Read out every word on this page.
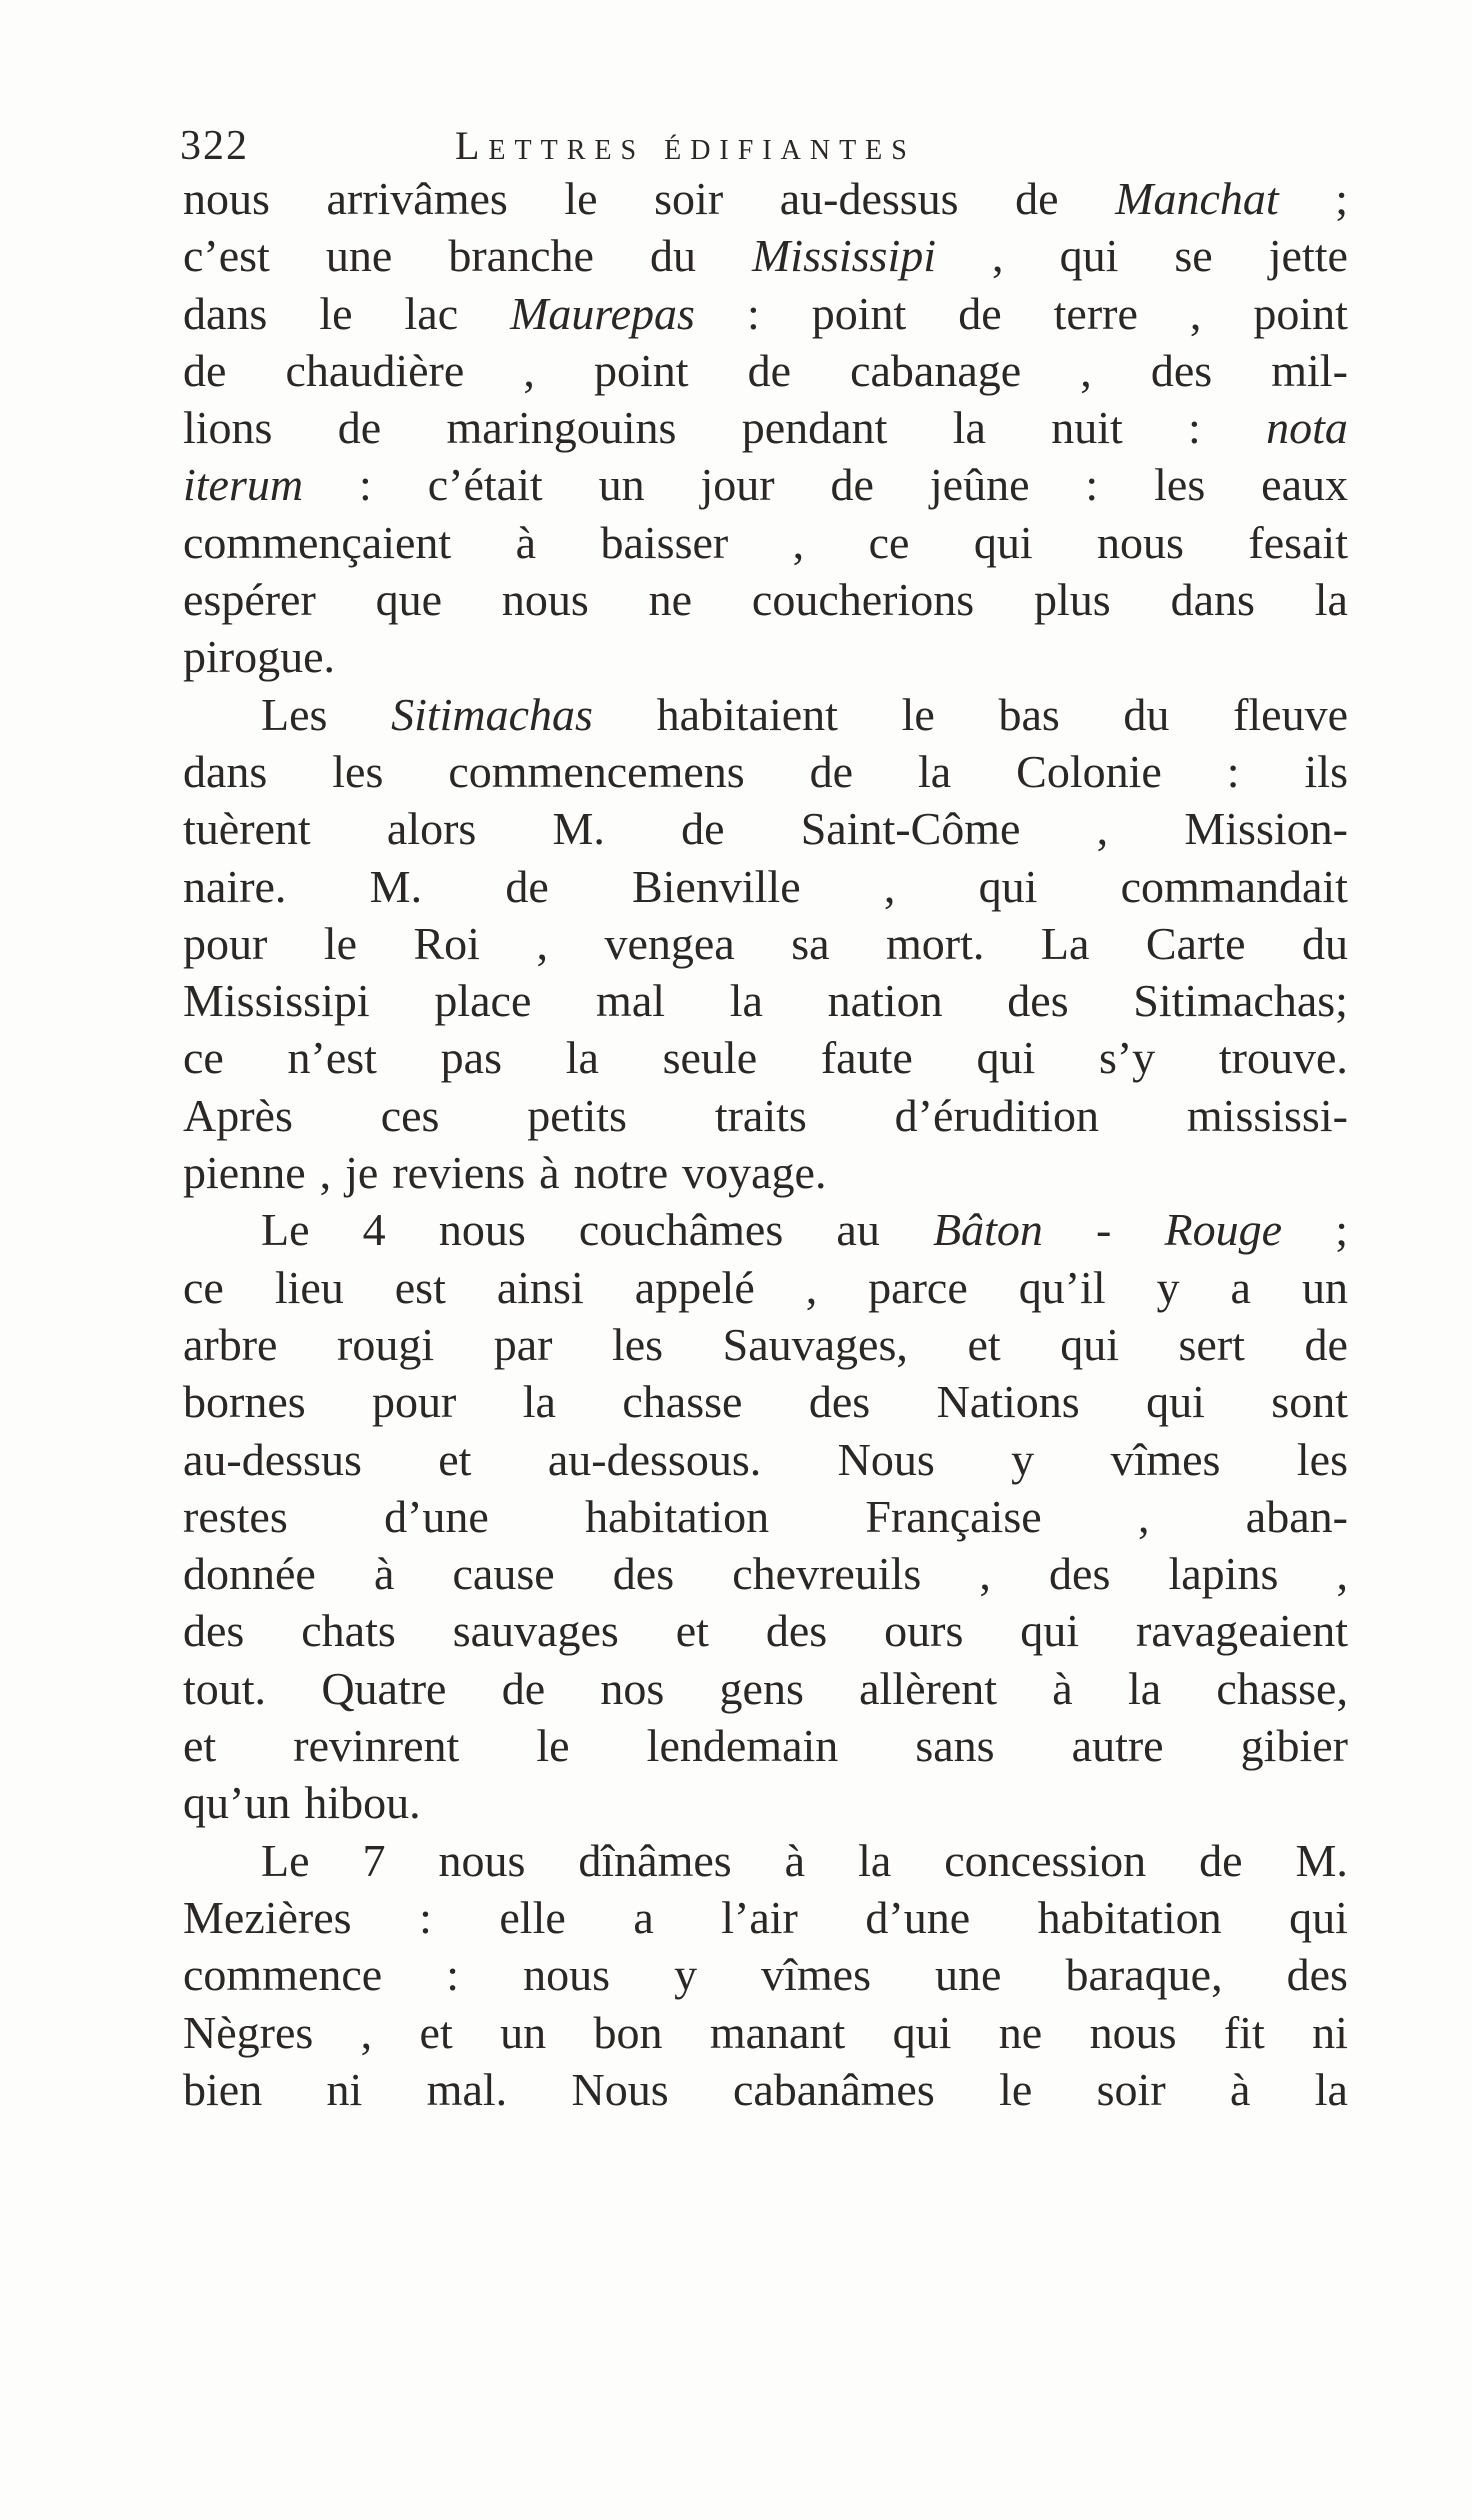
322	Lettres édifiantes
nous arrivâmes le soir au-dessus de Manchat ;
c’est une branche du Mississipi , qui se jette
dans le lac Maurepas : point de terre , point
de chaudière , point de cabanage , des mil-
lions de maringouins pendant la nuit : nota
iterum : c’était un jour de jeûne : les eaux
commençaient à baisser , ce qui nous fesait
espérer que nous ne coucherions plus dans la
pirogue.
Les Sitimachas habitaient le bas du fleuve
dans les commencemens de la Colonie : ils
tuèrent alors M. de Saint-Côme , Mission-
naire. M. de Bienville , qui commandait
pour le Roi , vengea sa mort. La Carte du
Mississipi place mal la nation des Sitimachas;
ce n’est pas la seule faute qui s’y trouve.
Après ces petits traits d’érudition mississi-
pienne , je reviens à notre voyage.
Le 4 nous couchâmes au Bâton - Rouge ;
ce lieu est ainsi appelé , parce qu’il y a un
arbre rougi par les Sauvages, et qui sert de
bornes pour la chasse des Nations qui sont
au-dessus et au-dessous. Nous y vîmes les
restes d’une habitation Française , aban-
donnée à cause des chevreuils , des lapins ,
des chats sauvages et des ours qui ravageaient
tout. Quatre de nos gens allèrent à la chasse,
et revinrent le lendemain sans autre gibier
qu’un hibou.
Le 7 nous dînâmes à la concession de M.
Mezières : elle a l’air d’une habitation qui
commence : nous y vîmes une baraque, des
Nègres , et un bon manant qui ne nous fit ni
bien ni mal. Nous cabanâmes le soir à la
